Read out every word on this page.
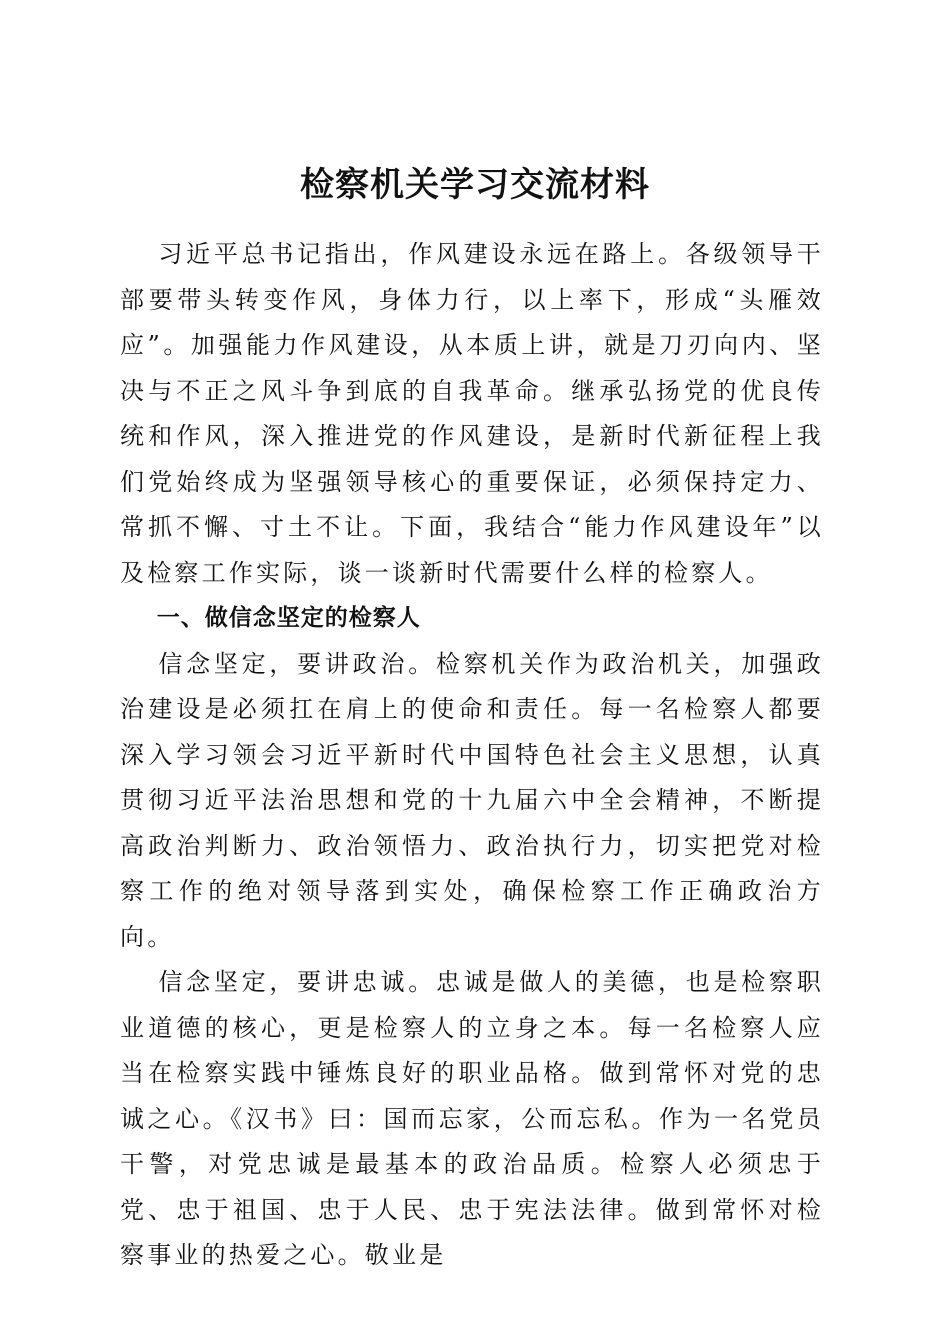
检察机关学习交流材料

习近平总书记指出，作风建设永远在路上。各级领导干部要带头转变作风，身体力行，以上率下，形成“头雁效应”。加强能力作风建设，从本质上讲，就是刀刃向内、坚决与不正之风斗争到底的自我革命。继承弘扬党的优良传统和作风，深入推进党的作风建设，是新时代新征程上我们党始终成为坚强领导核心的重要保证，必须保持定力、常抓不懈、寸土不让。下面，我结合“能力作风建设年”以及检察工作实际，谈一谈新时代需要什么样的检察人。

一、做信念坚定的检察人

信念坚定，要讲政治。检察机关作为政治机关，加强政治建设是必须扛在肩上的使命和责任。每一名检察人都要深入学习领会习近平新时代中国特色社会主义思想，认真贯彻习近平法治思想和党的十九届六中全会精神，不断提高政治判断力、政治领悟力、政治执行力，切实把党对检察工作的绝对领导落到实处，确保检察工作正确政治方向。

信念坚定，要讲忠诚。忠诚是做人的美德，也是检察职业道德的核心，更是检察人的立身之本。每一名检察人应当在检察实践中锤炼良好的职业品格。做到常怀对党的忠诚之心。《汉书》曰：国而忘家，公而忘私。作为一名党员干警，对党忠诚是最基本的政治品质。检察人必须忠于党、忠于祖国、忠于人民、忠于宪法法律。做到常怀对检察事业的热爱之心。敬业是
